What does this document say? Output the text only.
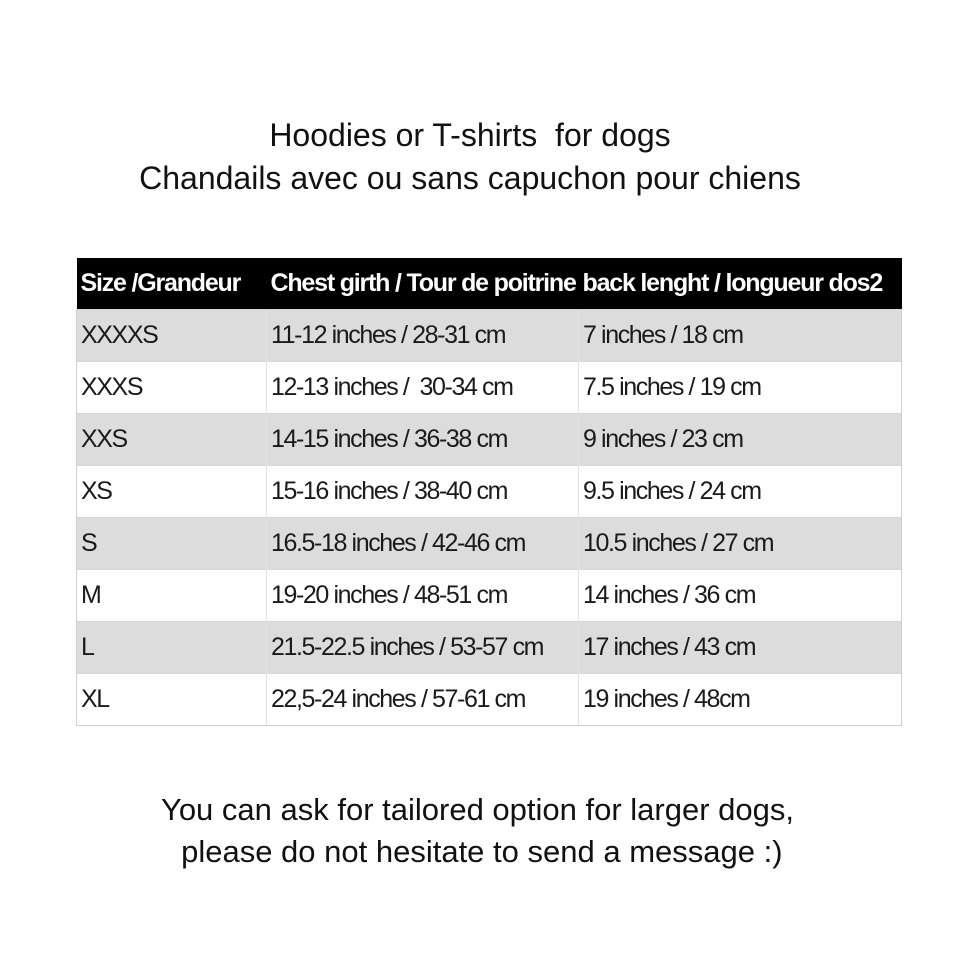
Hoodies or T-shirts  for dogs
Chandails avec ou sans capuchon pour chiens
Size /Grandeur	Chest girth / Tour de poitrine	back lenght / longueur dos2
XXXXS	11-12 inches / 28-31 cm	7 inches / 18 cm
XXXS	12-13 inches /  30-34 cm	7.5 inches / 19 cm
XXS	14-15 inches / 36-38 cm	9 inches / 23 cm
XS	15-16 inches / 38-40 cm	9.5 inches / 24 cm
S	16.5-18 inches / 42-46 cm	10.5 inches / 27 cm
M	19-20 inches / 48-51 cm	14 inches / 36 cm
L	21.5-22.5 inches / 53-57 cm	17 inches / 43 cm
XL	22,5-24 inches / 57-61 cm	19 inches / 48cm
You can ask for tailored option for larger dogs,
please do not hesitate to send a message :)
